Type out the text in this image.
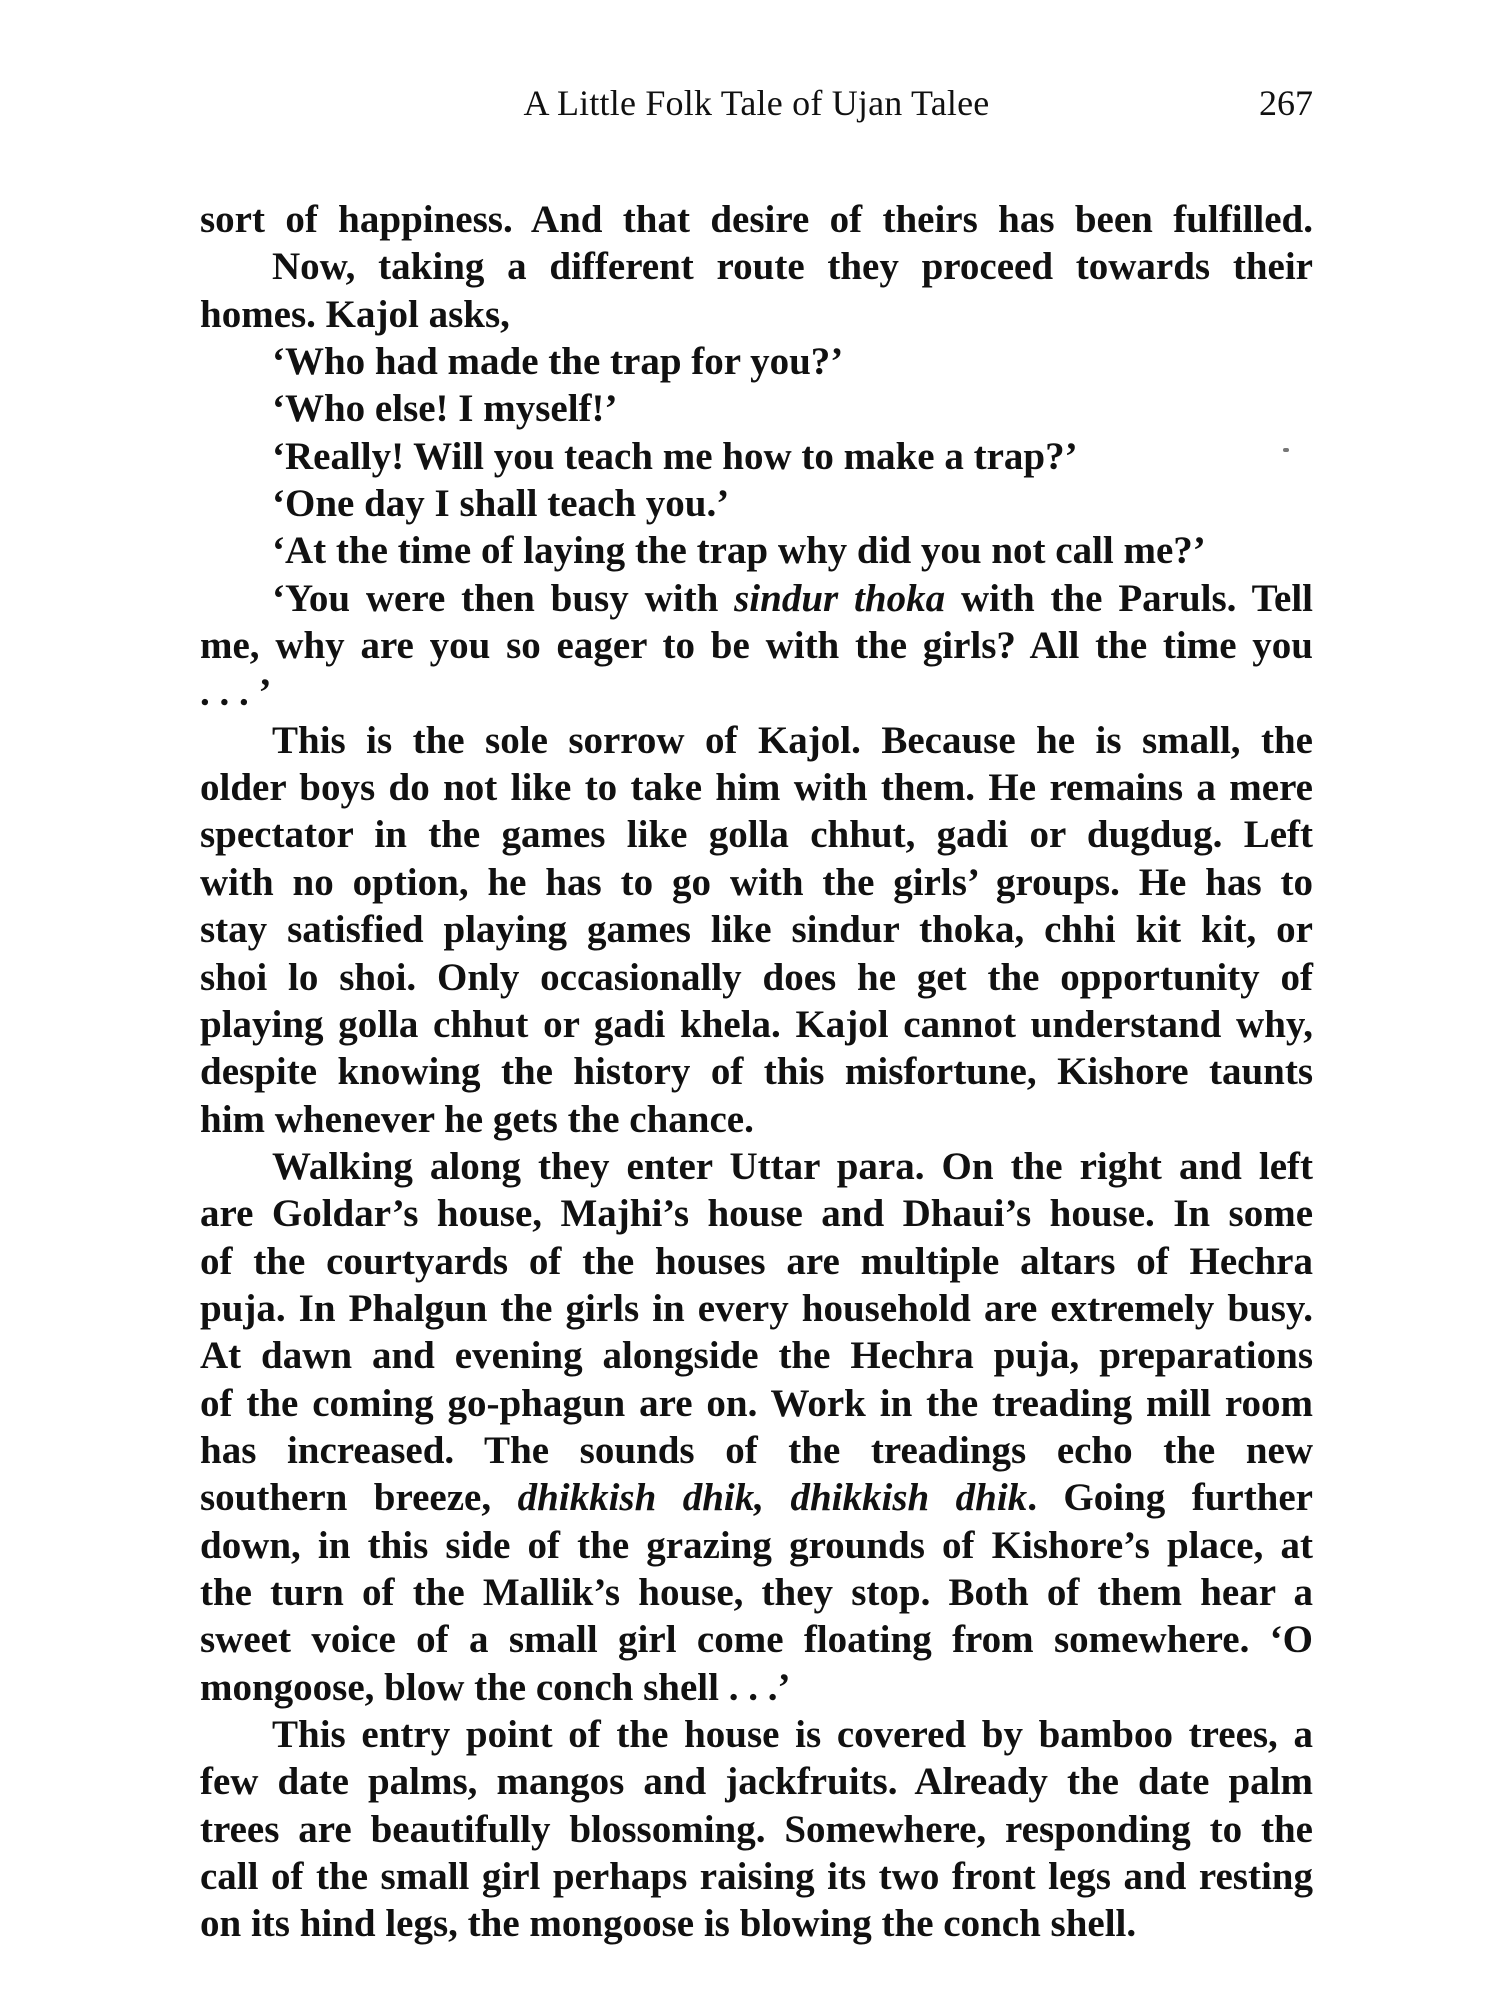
A Little Folk Tale of Ujan Talee	267
sort of happiness. And that desire of theirs has been fulfilled.
Now, taking a different route they proceed towards their
homes. Kajol asks,
‘Who had made the trap for you?’
‘Who else! I myself!’
‘Really! Will you teach me how to make a trap?’
‘One day I shall teach you.’
‘At the time of laying the trap why did you not call me?’
‘You were then busy with sindur thoka with the Paruls. Tell
me, why are you so eager to be with the girls? All the time you
. . . ’
This is the sole sorrow of Kajol. Because he is small, the
older boys do not like to take him with them. He remains a mere
spectator in the games like golla chhut, gadi or dugdug. Left
with no option, he has to go with the girls’ groups. He has to
stay satisfied playing games like sindur thoka, chhi kit kit, or
shoi lo shoi. Only occasionally does he get the opportunity of
playing golla chhut or gadi khela. Kajol cannot understand why,
despite knowing the history of this misfortune, Kishore taunts
him whenever he gets the chance.
Walking along they enter Uttar para. On the right and left
are Goldar’s house, Majhi’s house and Dhaui’s house. In some
of the courtyards of the houses are multiple altars of Hechra
puja. In Phalgun the girls in every household are extremely busy.
At dawn and evening alongside the Hechra puja, preparations
of the coming go-phagun are on. Work in the treading mill room
has increased. The sounds of the treadings echo the new
southern breeze, dhikkish dhik, dhikkish dhik. Going further
down, in this side of the grazing grounds of Kishore’s place, at
the turn of the Mallik’s house, they stop. Both of them hear a
sweet voice of a small girl come floating from somewhere. ‘O
mongoose, blow the conch shell . . .’
This entry point of the house is covered by bamboo trees, a
few date palms, mangos and jackfruits. Already the date palm
trees are beautifully blossoming. Somewhere, responding to the
call of the small girl perhaps raising its two front legs and resting
on its hind legs, the mongoose is blowing the conch shell.
